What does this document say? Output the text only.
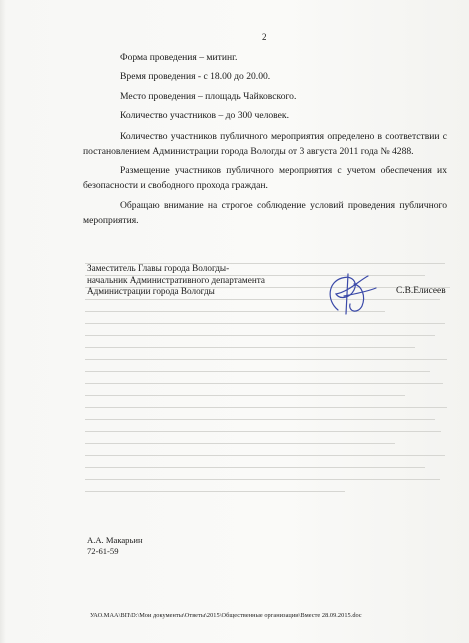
2
Форма проведения – митинг.
Время проведения - с 18.00 до 20.00.
Место проведения – площадь Чайковского.
Количество участников – до 300 человек.
Количество участников публичного мероприятия определено в соответствии с постановлением Администрации города Вологды от 3 августа 2011 года № 4288.
Размещение участников публичного мероприятия с учетом обеспечения их безопасности и свободного прохода граждан.
Обращаю внимание на строгое соблюдение условий проведения публичного мероприятия.
Заместитель Главы города Вологды-
начальник Административного департамента
Администрации города Вологды	С.В.Елисеев
А.А. Макарьин
72-61-59
УАО.МАА\ВП\D:\Мои документы\Ответы\2015\Общественные организации\Вместе 28.09.2015.doc
